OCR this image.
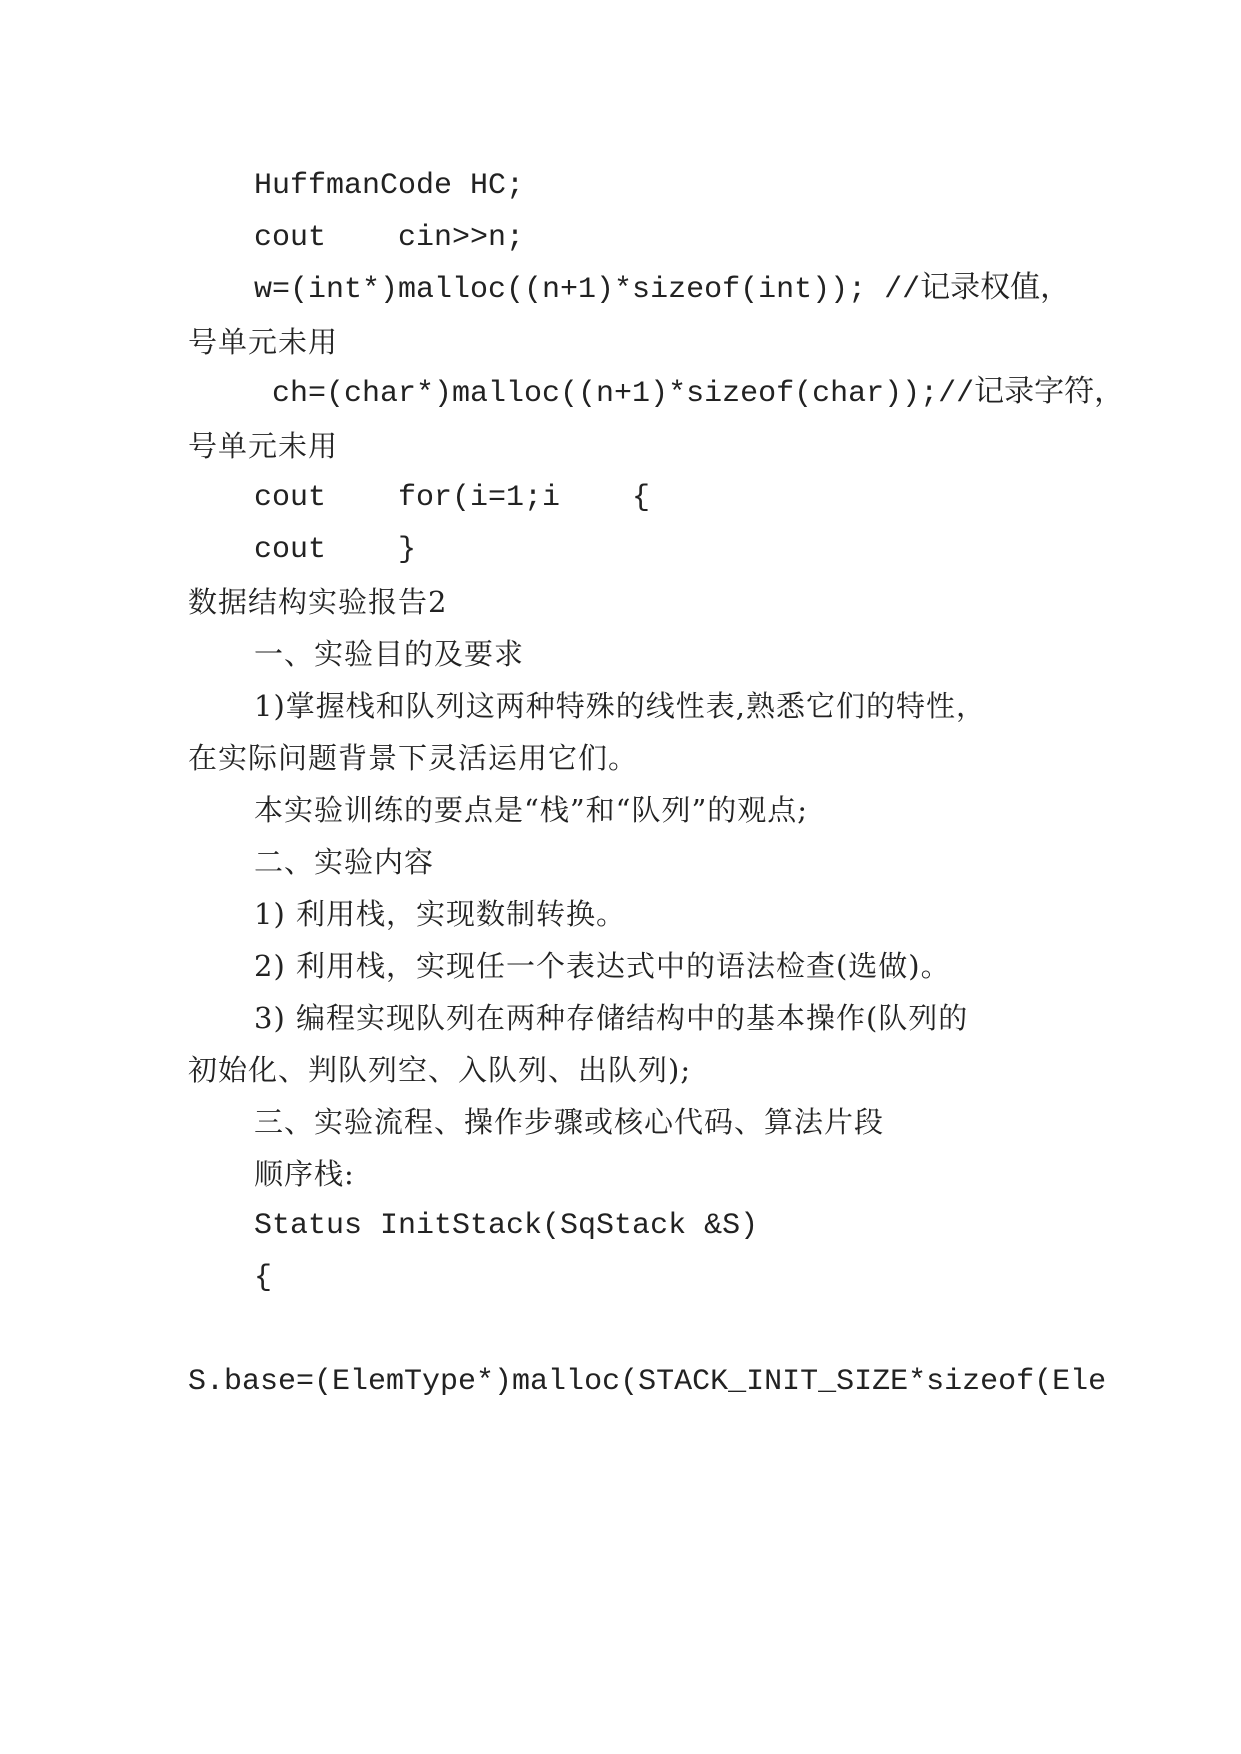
HuffmanCode HC;
cout    cin>>n;
w=(int*)malloc((n+1)*sizeof(int)); //记录权值，
号单元未用
ch=(char*)malloc((n+1)*sizeof(char));//记录字符，
号单元未用
cout    for(i=1;i    {
cout    }
数据结构实验报告2
一、实验目的及要求
1)掌握栈和队列这两种特殊的线性表,熟悉它们的特性，
在实际问题背景下灵活运用它们。
本实验训练的要点是“栈”和“队列”的观点;
二、实验内容
1) 利用栈，实现数制转换。
2) 利用栈，实现任一个表达式中的语法检查(选做)。
3) 编程实现队列在两种存储结构中的基本操作(队列的
初始化、判队列空、入队列、出队列);
三、实验流程、操作步骤或核心代码、算法片段
顺序栈:
Status InitStack(SqStack &S)
{
S.base=(ElemType*)malloc(STACK_INIT_SIZE*sizeof(Ele
